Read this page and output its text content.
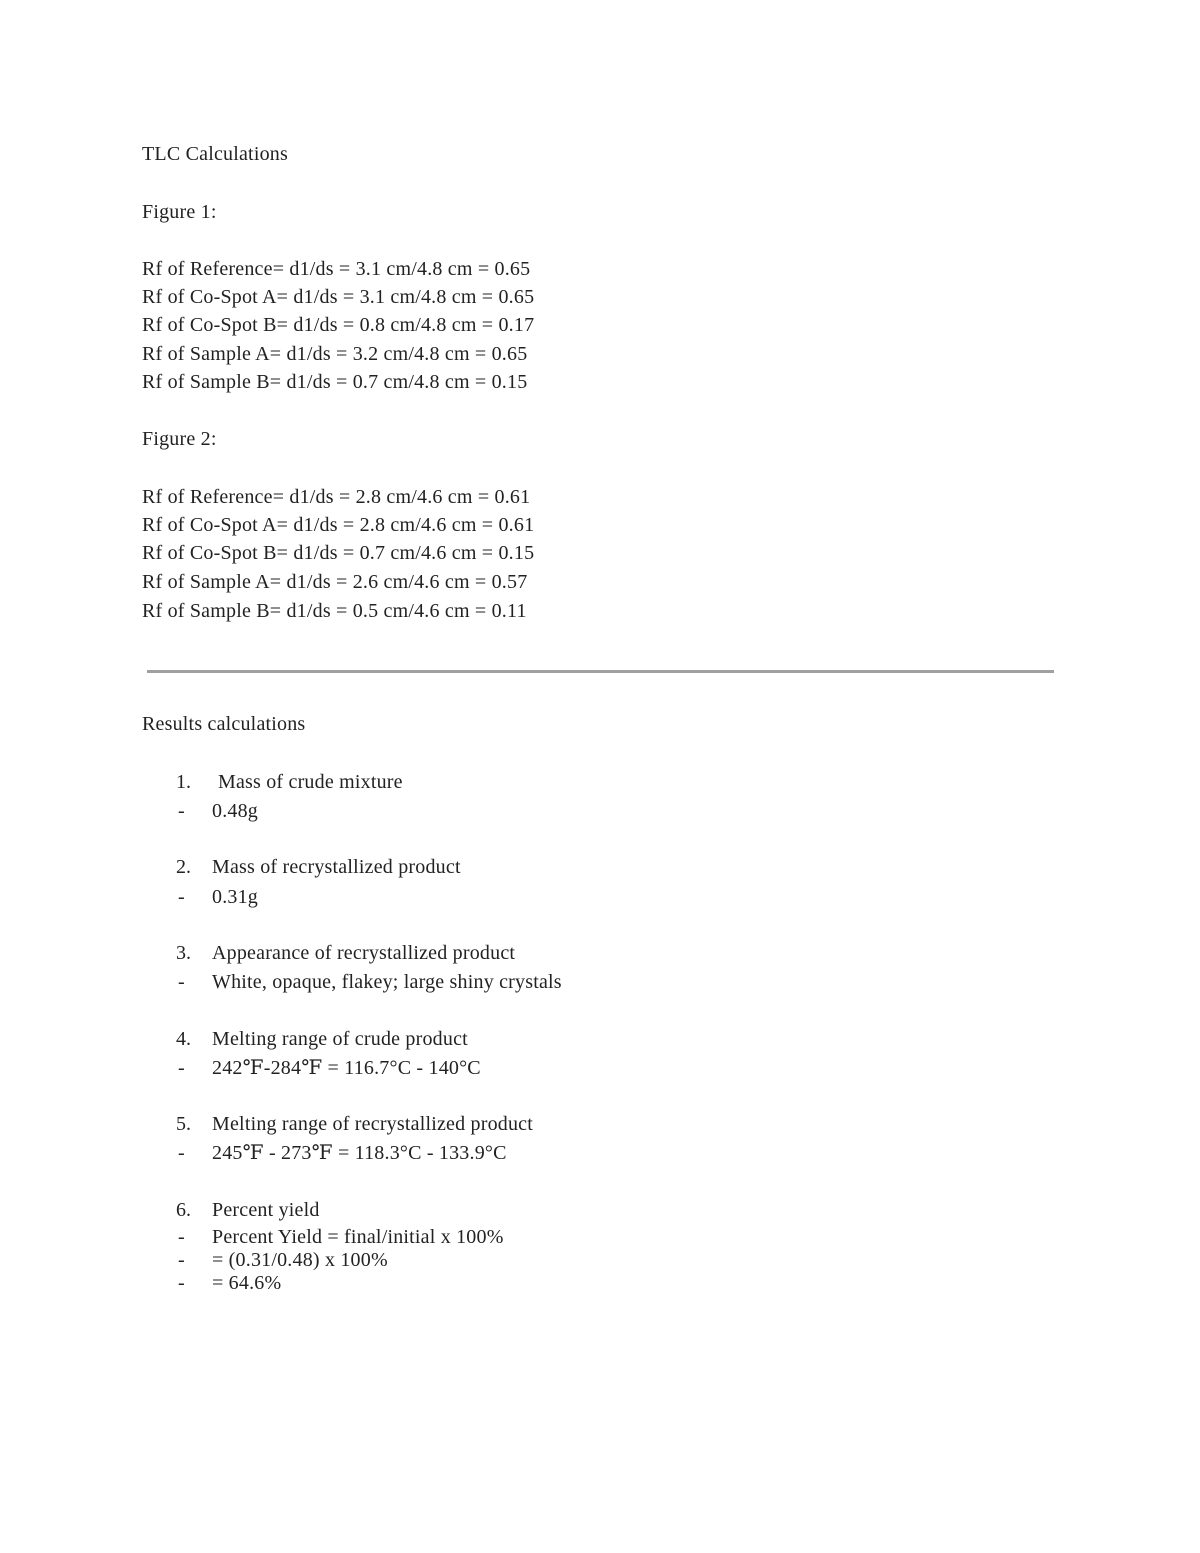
TLC Calculations
Figure 1:
Rf of Reference= d1/ds = 3.1 cm/4.8 cm = 0.65
Rf of Co-Spot A= d1/ds = 3.1 cm/4.8 cm = 0.65
Rf of Co-Spot B= d1/ds = 0.8 cm/4.8 cm = 0.17
Rf of Sample A= d1/ds = 3.2 cm/4.8 cm = 0.65
Rf of Sample B= d1/ds = 0.7 cm/4.8 cm = 0.15
Figure 2:
Rf of Reference= d1/ds = 2.8 cm/4.6 cm = 0.61
Rf of Co-Spot A= d1/ds = 2.8 cm/4.6 cm = 0.61
Rf of Co-Spot B= d1/ds = 0.7 cm/4.6 cm = 0.15
Rf of Sample A= d1/ds = 2.6 cm/4.6 cm = 0.57
Rf of Sample B= d1/ds = 0.5 cm/4.6 cm = 0.11
Results calculations
1. Mass of crude mixture
- 0.48g
2. Mass of recrystallized product
- 0.31g
3. Appearance of recrystallized product
- White, opaque, flakey; large shiny crystals
4. Melting range of crude product
- 242℉-284℉ = 116.7°C - 140°C
5. Melting range of recrystallized product
- 245℉ - 273℉ = 118.3°C - 133.9°C
6. Percent yield
- Percent Yield = final/initial x 100%
- = (0.31/0.48) x 100%
- = 64.6%
